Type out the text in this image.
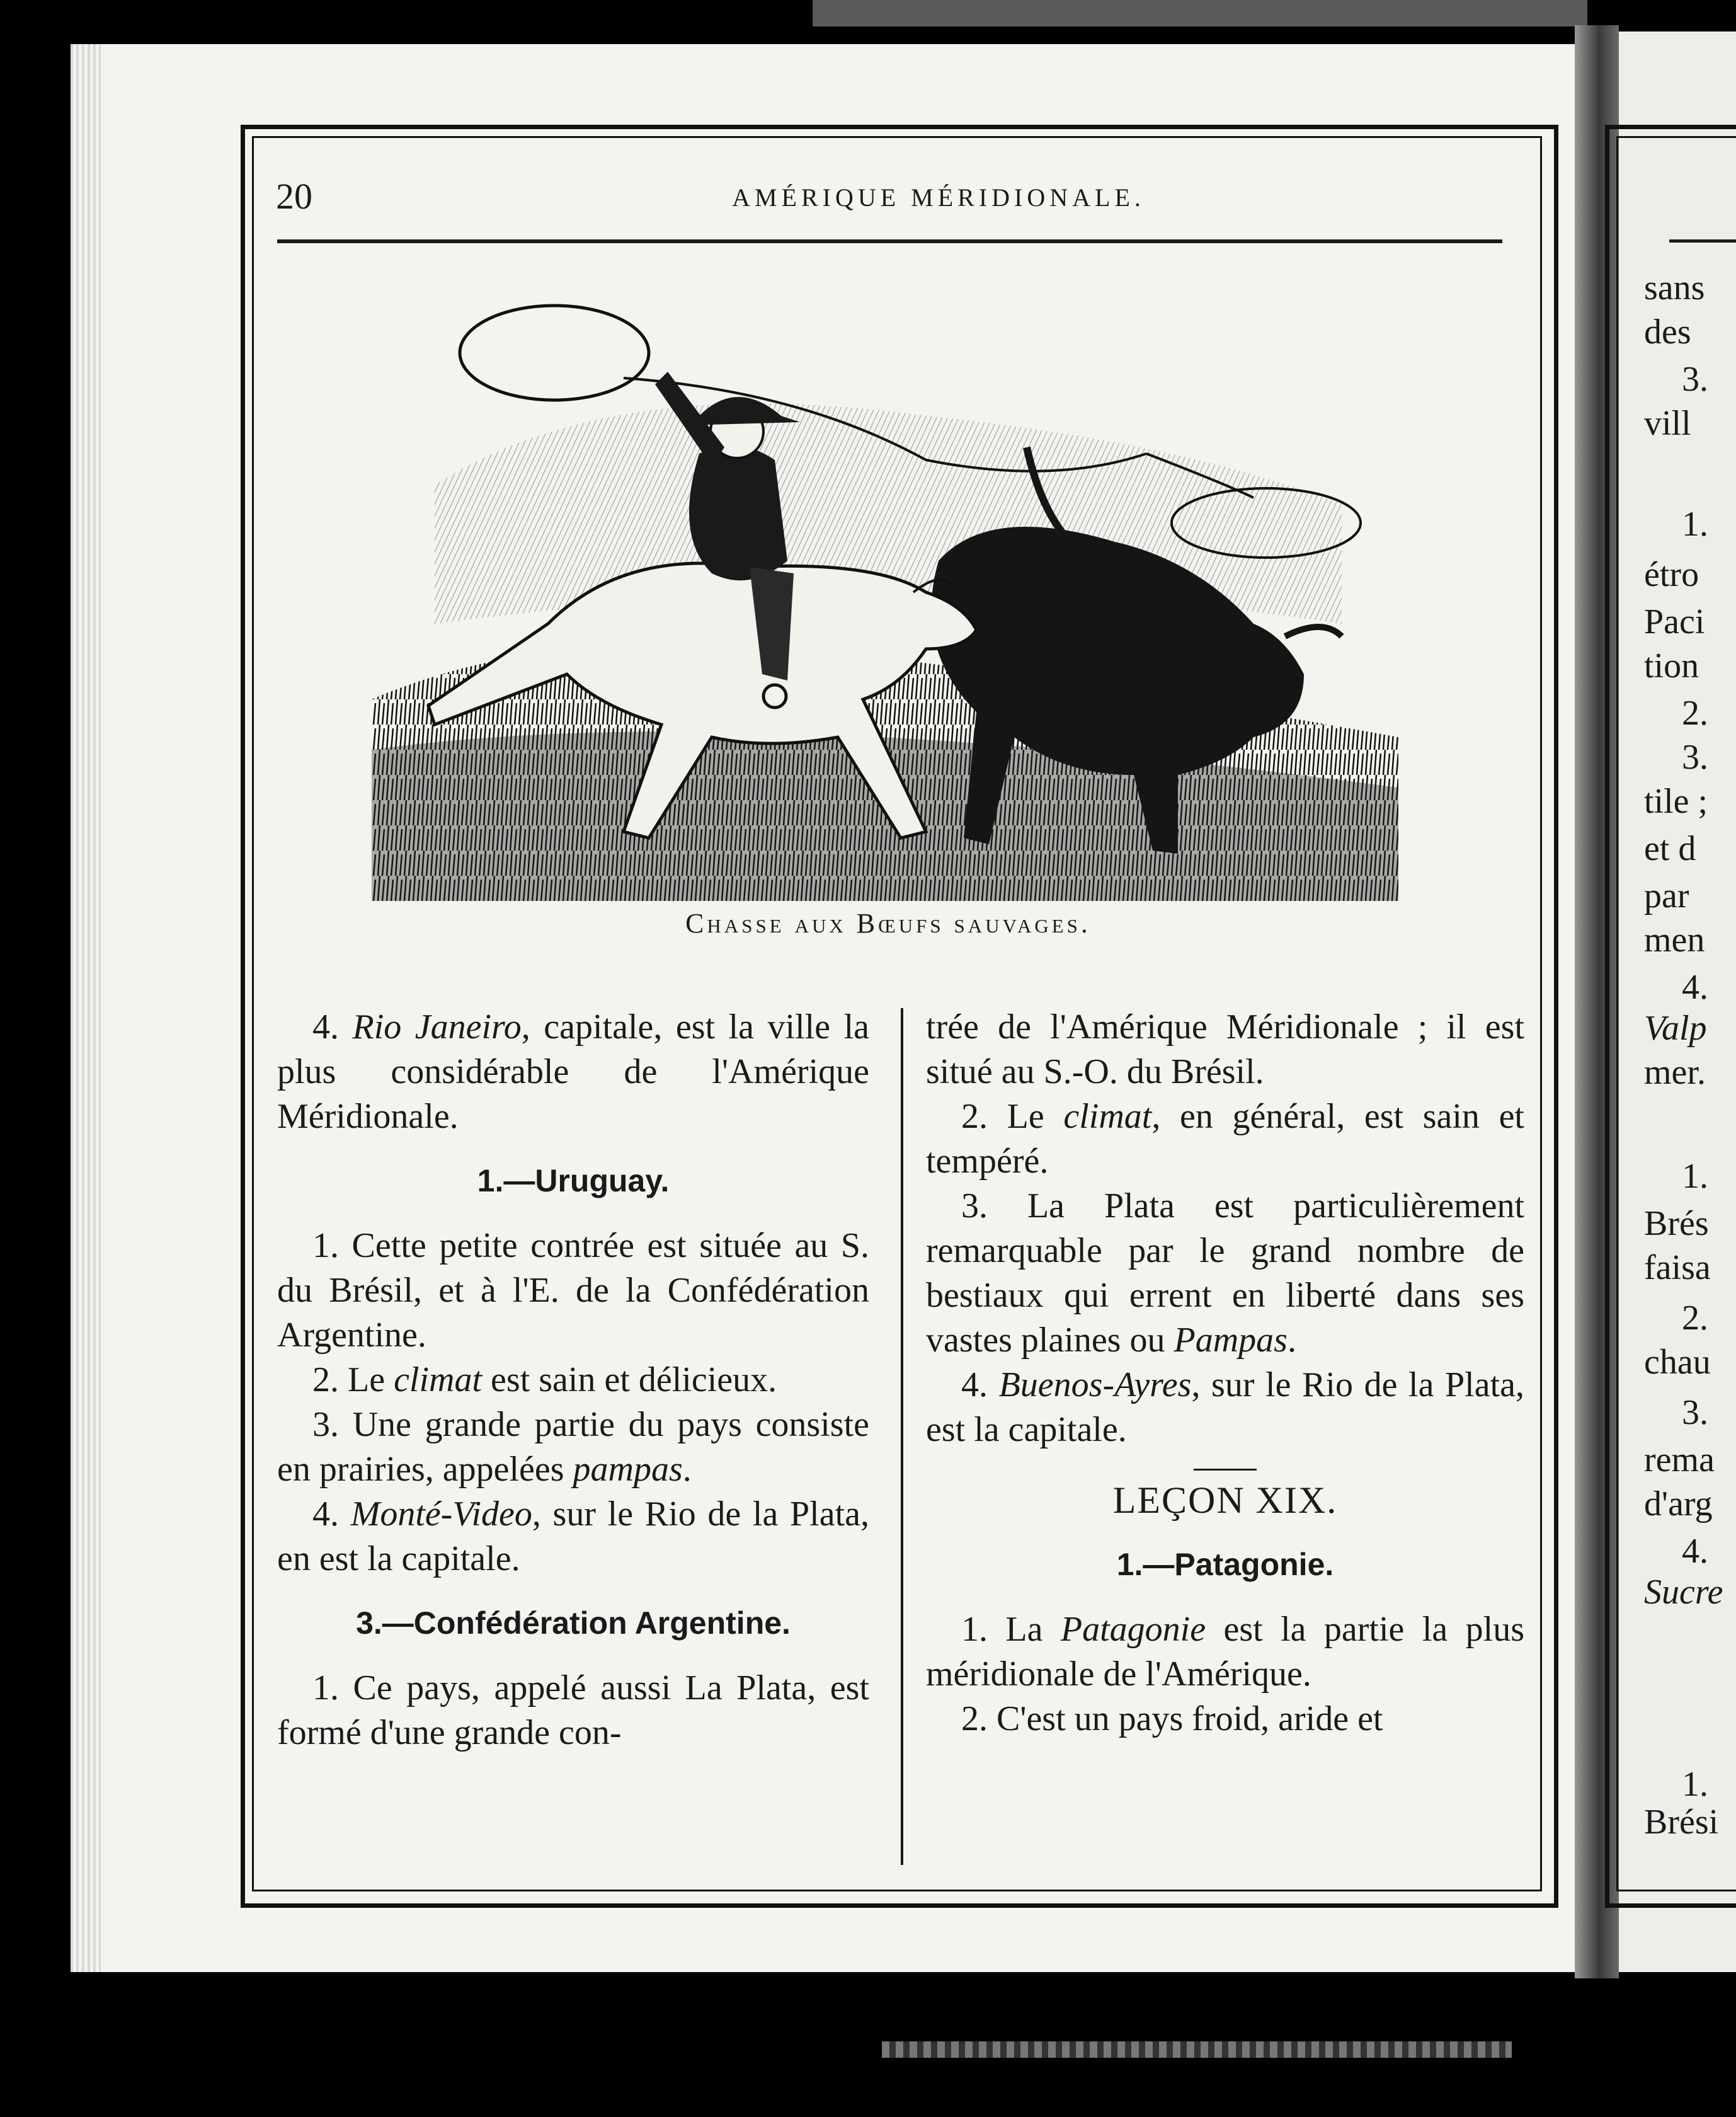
20	AMÉRIQUE MÉRIDIONALE.
Chasse aux Bœufs sauvages.

4. Rio Janeiro, capitale, est la ville la plus considérable de l'Amérique Méridionale.

1.—Uruguay.

1. Cette petite contrée est située au S. du Brésil, et à l'E. de la Confédération Argentine.

2. Le climat est sain et délicieux.

3. Une grande partie du pays consiste en prairies, appelées pampas.

4. Monté-Video, sur le Rio de la Plata, en est la capitale.

3.—Confédération Argentine.

1. Ce pays, appelé aussi La Plata, est formé d'une grande con-

trée de l'Amérique Méridionale ; il est situé au S.-O. du Brésil.

2. Le climat, en général, est sain et tempéré.

3. La Plata est particulièrement remarquable par le grand nombre de bestiaux qui errent en liberté dans ses vastes plaines ou Pampas.

4. Buenos-Ayres, sur le Rio de la Plata, est la capitale.

LEÇON XIX.
1.—Patagonie.

1. La Patagonie est la partie la plus méridionale de l'Amérique.

2. C'est un pays froid, aride et

sans
des
3.
vill
1.
étro
Paci
tion
2.
3.
tile ;
et d
par
men
4.
Valp
mer.
1.
Brés
faisa
2.
chau
3.
rema
d'arg
4.
Sucre
1.
Brési
